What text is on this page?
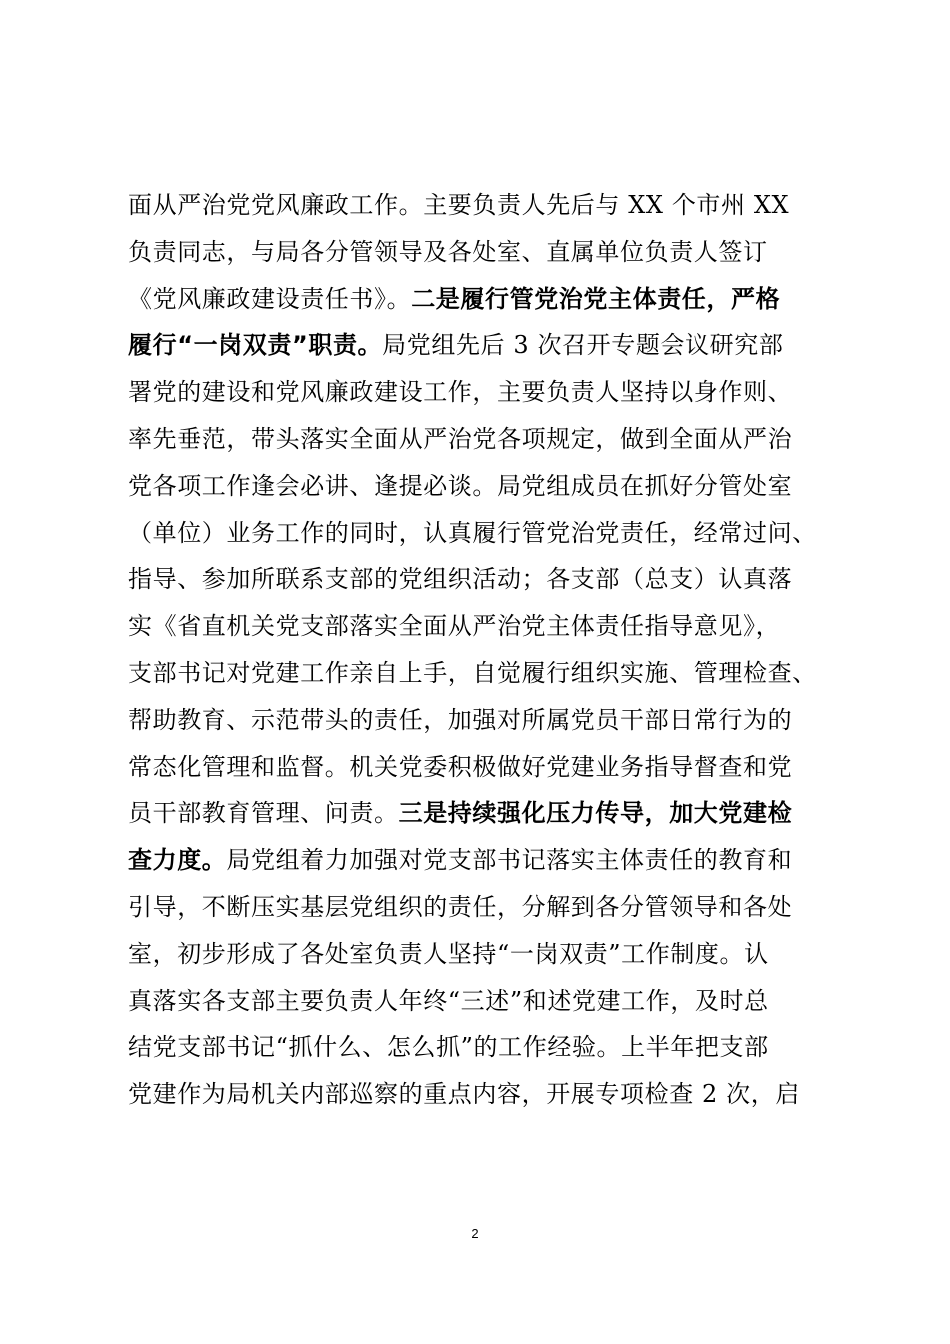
面从严治党党风廉政工作。主要负责人先后与 XX 个市州 XX
负责同志，与局各分管领导及各处室、直属单位负责人签订
《党风廉政建设责任书》。二是履行管党治党主体责任，严格
履行“一岗双责”职责。局党组先后 3 次召开专题会议研究部
署党的建设和党风廉政建设工作，主要负责人坚持以身作则、
率先垂范，带头落实全面从严治党各项规定，做到全面从严治
党各项工作逢会必讲、逢提必谈。局党组成员在抓好分管处室
（单位）业务工作的同时，认真履行管党治党责任，经常过问、
指导、参加所联系支部的党组织活动；各支部（总支）认真落
实《省直机关党支部落实全面从严治党主体责任指导意见》，
支部书记对党建工作亲自上手，自觉履行组织实施、管理检查、
帮助教育、示范带头的责任，加强对所属党员干部日常行为的
常态化管理和监督。机关党委积极做好党建业务指导督查和党
员干部教育管理、问责。三是持续强化压力传导，加大党建检
查力度。局党组着力加强对党支部书记落实主体责任的教育和
引导，不断压实基层党组织的责任，分解到各分管领导和各处
室，初步形成了各处室负责人坚持“一岗双责”工作制度。认
真落实各支部主要负责人年终“三述”和述党建工作，及时总
结党支部书记“抓什么、怎么抓”的工作经验。上半年把支部
党建作为局机关内部巡察的重点内容，开展专项检查 2 次，启
2
